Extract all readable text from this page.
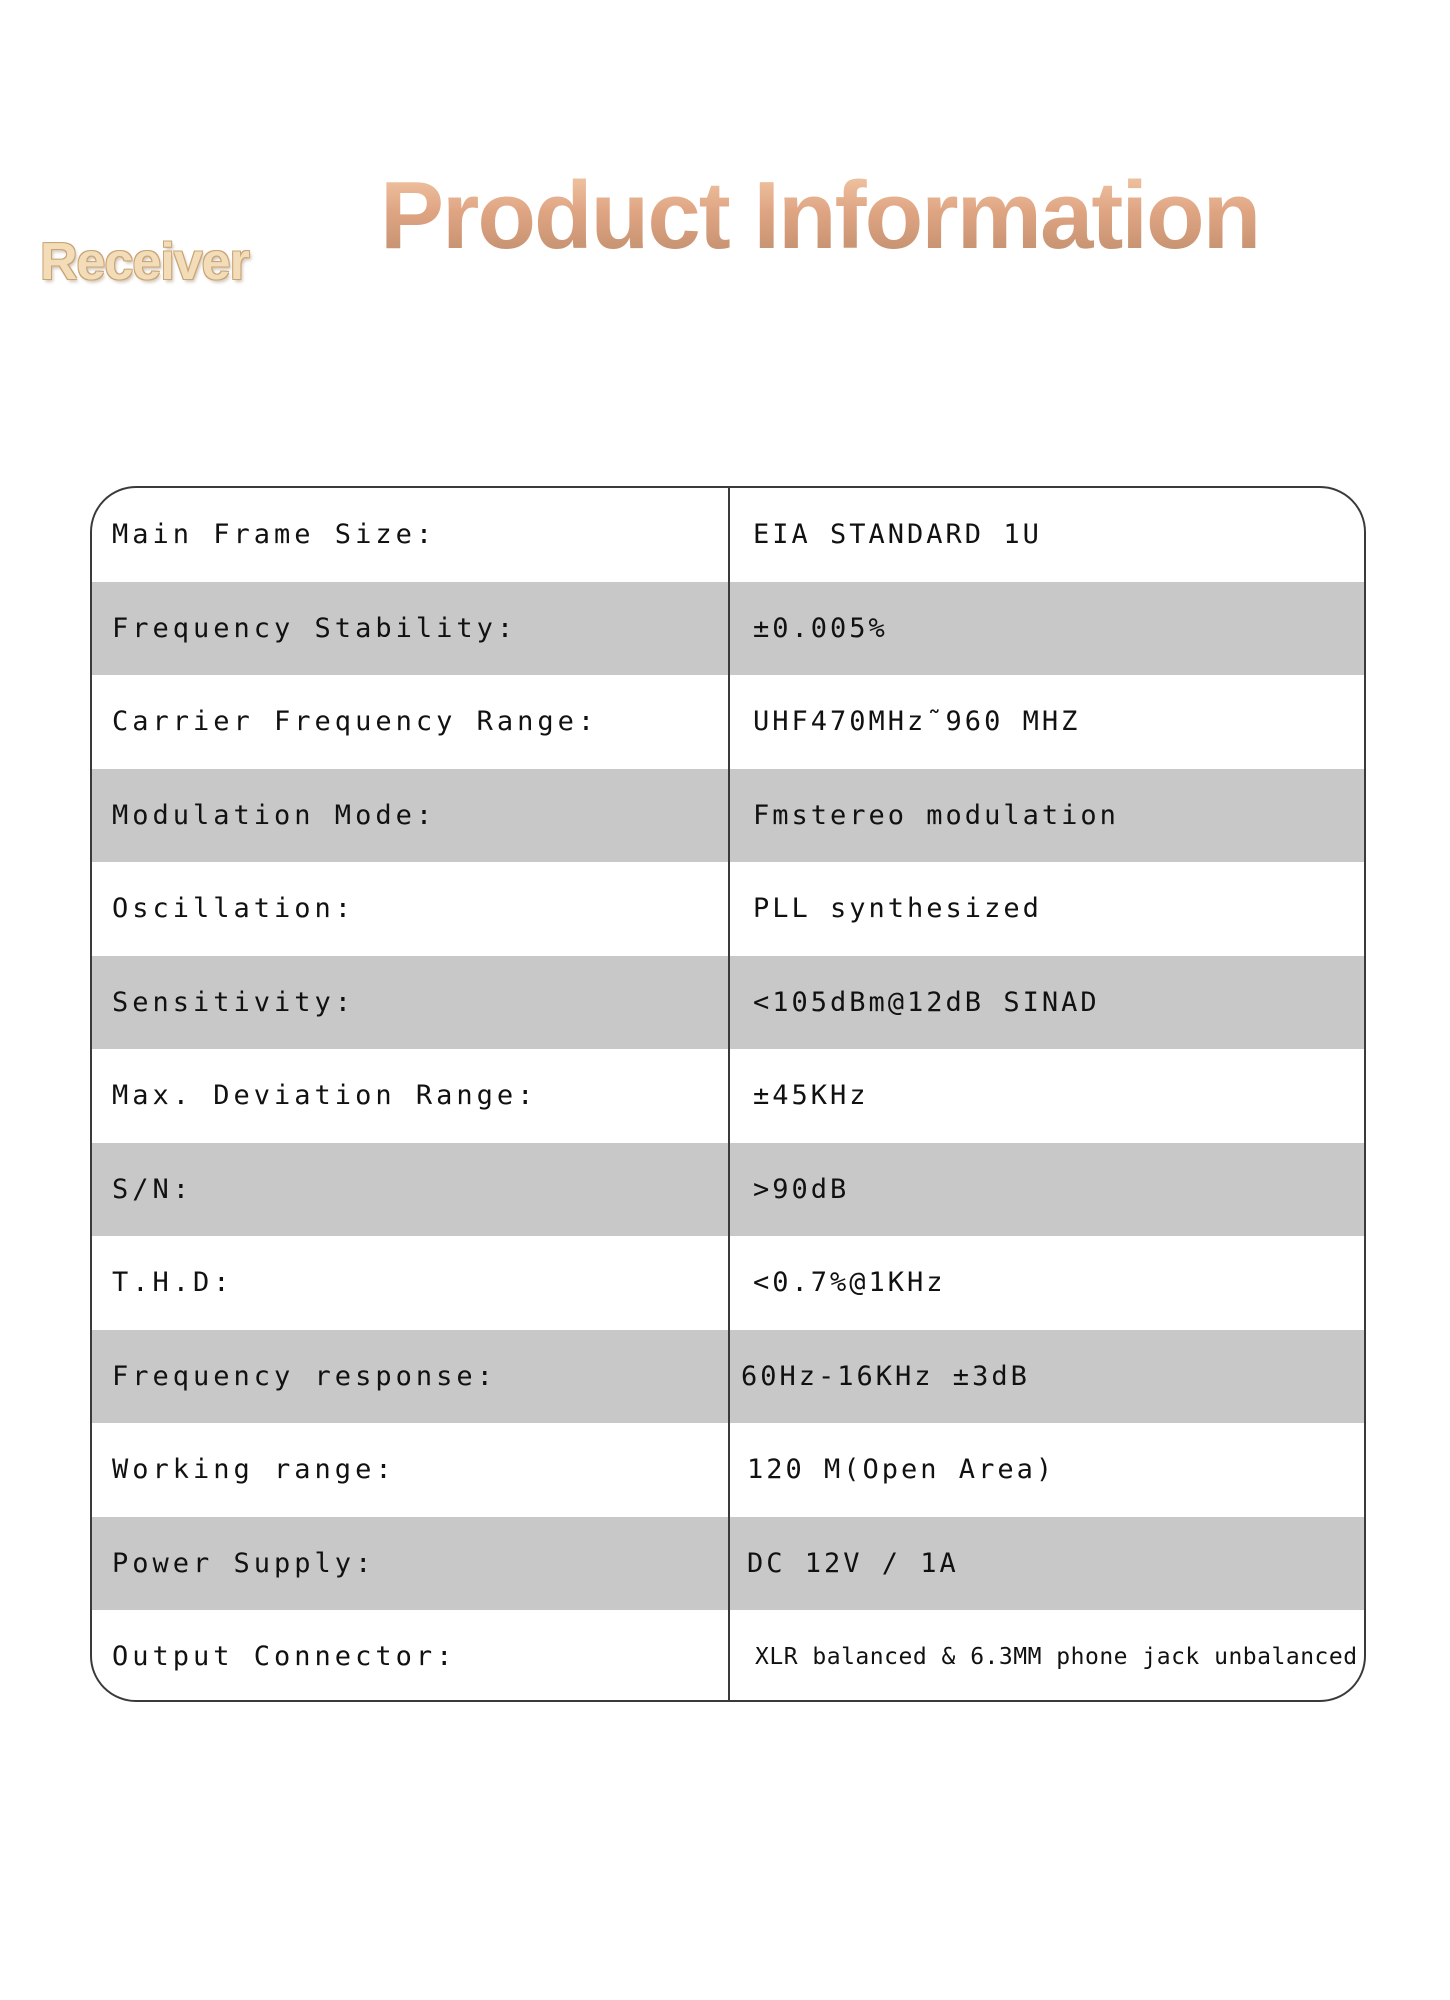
Receiver Product Information
Main Frame Size:	EIA STANDARD 1U
Frequency Stability:	±0.005%
Carrier Frequency Range:	UHF470MHz˜960 MHZ
Modulation Mode:	Fmstereo modulation
Oscillation:	PLL synthesized
Sensitivity:	<105dBm@12dB SINAD
Max. Deviation Range:	±45KHz
S/N:	>90dB
T.H.D:	<0.7%@1KHz
Frequency response:	60Hz-16KHz ±3dB
Working range:	120 M(Open Area)
Power Supply:	DC 12V / 1A
Output Connector:	XLR balanced & 6.3MM phone jack unbalanced
